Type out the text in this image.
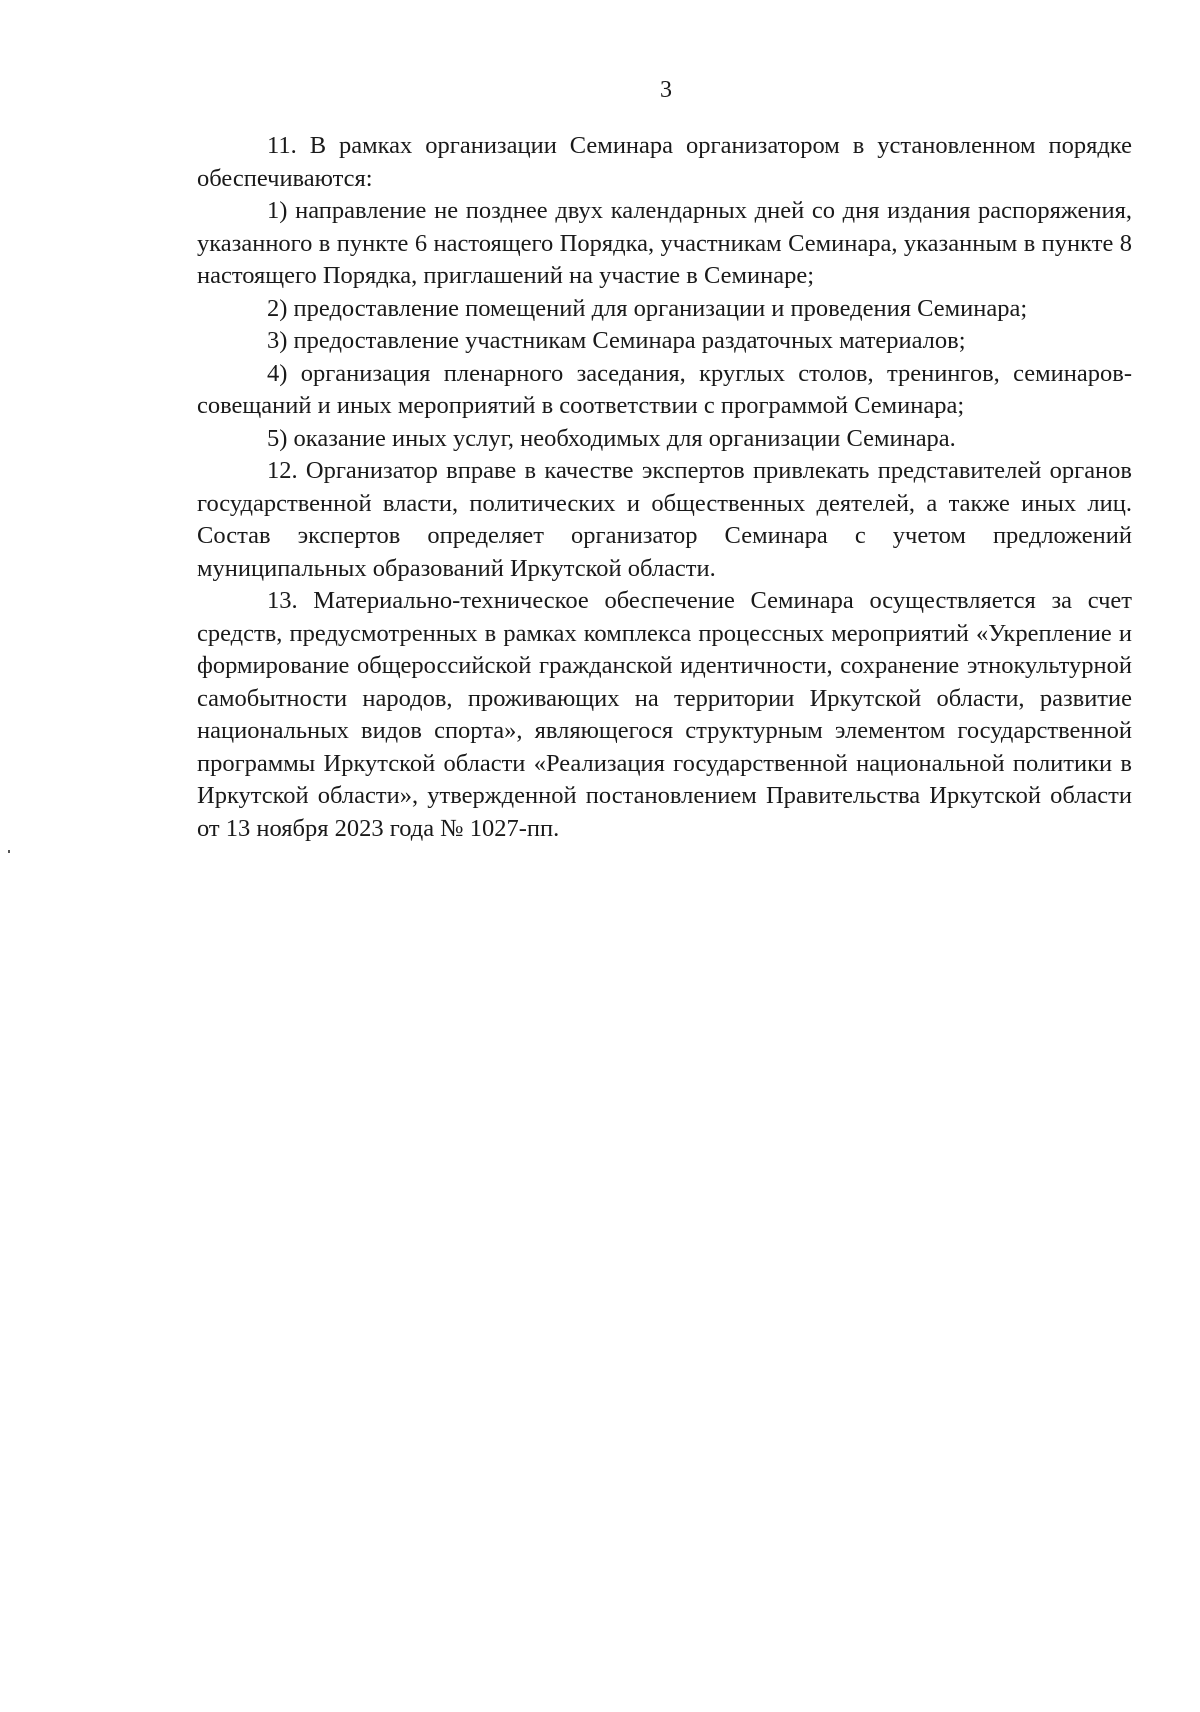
3

11. В рамках организации Семинара организатором в установленном порядке обеспечиваются:

1) направление не позднее двух календарных дней со дня издания распоряжения, указанного в пункте 6 настоящего Порядка, участникам Семинара, указанным в пункте 8 настоящего Порядка, приглашений на участие в Семинаре;

2) предоставление помещений для организации и проведения Семинара;

3) предоставление участникам Семинара раздаточных материалов;

4) организация пленарного заседания, круглых столов, тренингов, семинаров-совещаний и иных мероприятий в соответствии с программой Семинара;

5) оказание иных услуг, необходимых для организации Семинара.

12. Организатор вправе в качестве экспертов привлекать представителей органов государственной власти, политических и общественных деятелей, а также иных лиц. Состав экспертов определяет организатор Семинара с учетом предложений муниципальных образований Иркутской области.

13. Материально-техническое обеспечение Семинара осуществляется за счет средств, предусмотренных в рамках комплекса процессных мероприятий «Укрепление и формирование общероссийской гражданской идентичности, сохранение этнокультурной самобытности народов, проживающих на территории Иркутской области, развитие национальных видов спорта», являющегося структурным элементом государственной программы Иркутской области «Реализация государственной национальной политики в Иркутской области», утвержденной постановлением Правительства Иркутской области от 13 ноября 2023 года № 1027-пп.
